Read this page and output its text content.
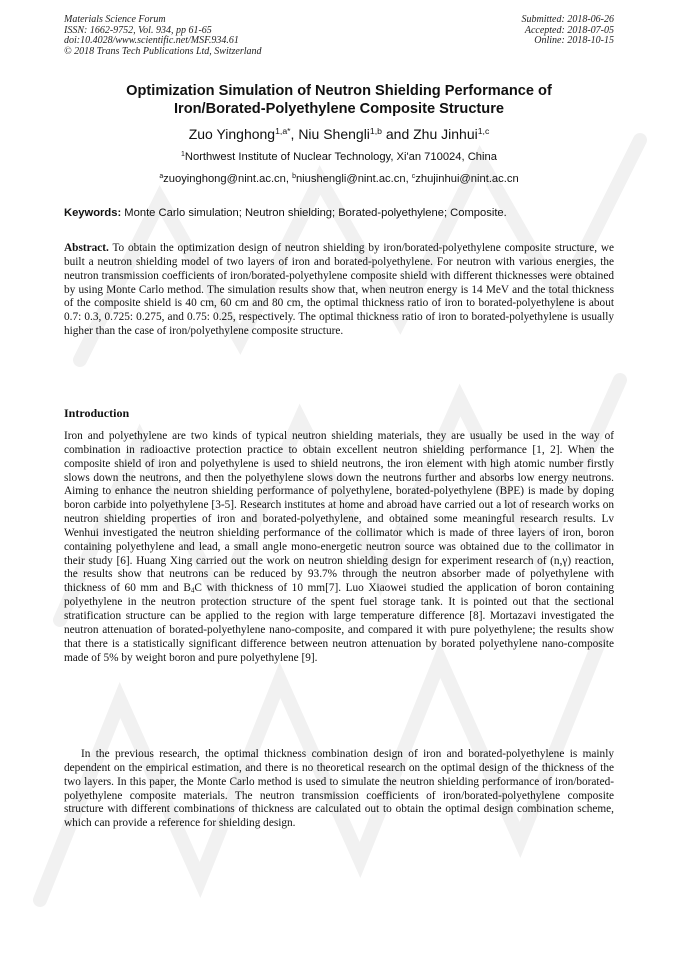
Materials Science Forum
ISSN: 1662-9752, Vol. 934, pp 61-65
doi:10.4028/www.scientific.net/MSF.934.61
© 2018 Trans Tech Publications Ltd, Switzerland
Submitted: 2018-06-26
Accepted: 2018-07-05
Online: 2018-10-15
Optimization Simulation of Neutron Shielding Performance of
Iron/Borated-Polyethylene Composite Structure
Zuo Yinghong$^{1,a*}$, Niu Shengli$^{1,b}$ and Zhu Jinhui$^{1,c}$
$^1$Northwest Institute of Nuclear Technology, Xi'an 710024, China
$^a$zuoyinghong@nint.ac.cn, $^b$niushengli@nint.ac.cn, $^c$zhujinhui@nint.ac.cn
Keywords: Monte Carlo simulation; Neutron shielding; Borated-polyethylene; Composite.
Abstract. To obtain the optimization design of neutron shielding by iron/borated-polyethylene composite structure, we built a neutron shielding model of two layers of iron and borated-polyethylene. For neutron with various energies, the neutron transmission coefficients of iron/borated-polyethylene composite shield with different thicknesses were obtained by using Monte Carlo method. The simulation results show that, when neutron energy is 14 MeV and the total thickness of the composite shield is 40 cm, 60 cm and 80 cm, the optimal thickness ratio of iron to borated-polyethylene is about 0.7: 0.3, 0.725: 0.275, and 0.75: 0.25, respectively. The optimal thickness ratio of iron to borated-polyethylene is usually higher than the case of iron/polyethylene composite structure.
Introduction
Iron and polyethylene are two kinds of typical neutron shielding materials, they are usually be used in the way of combination in radioactive protection practice to obtain excellent neutron shielding performance [1, 2]. When the composite shield of iron and polyethylene is used to shield neutrons, the iron element with high atomic number firstly slows down the neutrons, and then the polyethylene slows down the neutrons further and absorbs low energy neutrons. Aiming to enhance the neutron shielding performance of polyethylene, borated-polyethylene (BPE) is made by doping boron carbide into polyethylene [3-5]. Research institutes at home and abroad have carried out a lot of research works on neutron shielding properties of iron and borated-polyethylene, and obtained some meaningful research results. Lv Wenhui investigated the neutron shielding performance of the collimator which is made of three layers of iron, boron containing polyethylene and lead, a small angle mono-energetic neutron source was obtained due to the collimator in their study [6]. Huang Xing carried out the work on neutron shielding design for experiment research of (n,γ) reaction, the results show that neutrons can be reduced by 93.7% through the neutron absorber made of polyethylene with thickness of 60 mm and $B_4C$ with thickness of 10 mm[7]. Luo Xiaowei studied the application of boron containing polyethylene in the neutron protection structure of the spent fuel storage tank. It is pointed out that the sectional stratification structure can be applied to the region with large temperature difference [8]. Mortazavi investigated the neutron attenuation of borated-polyethylene nano-composite, and compared it with pure polyethylene; the results show that there is a statistically significant difference between neutron attenuation by borated polyethylene nano-composite made of 5% by weight boron and pure polyethylene [9].
In the previous research, the optimal thickness combination design of iron and borated-polyethylene is mainly dependent on the empirical estimation, and there is no theoretical research on the optimal design of the thickness of the two layers. In this paper, the Monte Carlo method is used to simulate the neutron shielding performance of iron/borated-polyethylene composite materials. The neutron transmission coefficients of iron/borated-polyethylene composite structure with different combinations of thickness are calculated out to obtain the optimal design combination scheme, which can provide a reference for shielding design.
